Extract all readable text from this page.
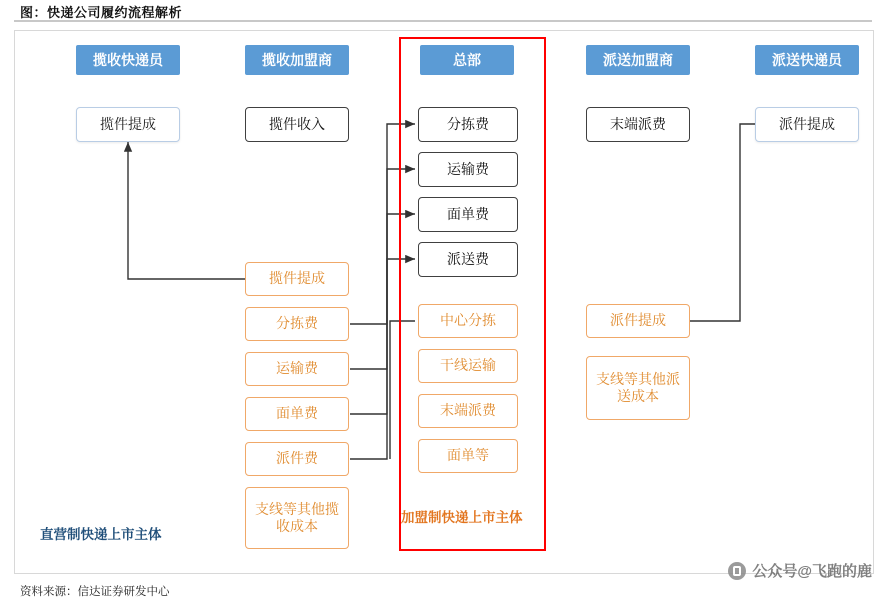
图：快递公司履约流程解析
揽收快递员	揽收加盟商	总部	派送加盟商	派送快递员
揽件提成	揽件收入
揽件提成
分拣费
运输费
面单费
派件费
支线等其他揽收成本
分拣费
运输费
面单费
派送费
中心分拣
干线运输
末端派费
面单等
末端派费
派件提成
支线等其他派送成本
派件提成
直营制快递上市主体
加盟制快递上市主体
资料来源：信达证券研发中心
公众号@飞跑的鹿
